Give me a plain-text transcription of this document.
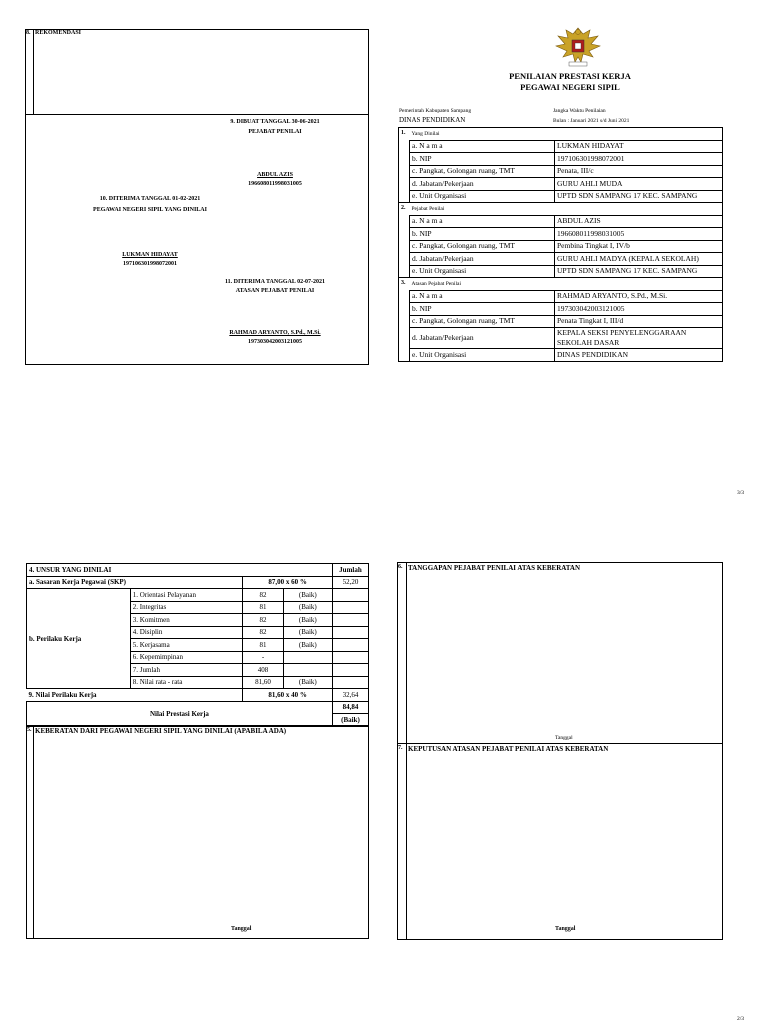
8. REKOMENDASI
9. DIBUAT TANGGAL 30-06-2021
PEJABAT PENILAI
ABDUL AZIS
196608011998031005
10. DITERIMA TANGGAL 01-02-2021
PEGAWAI NEGERI SIPIL YANG DINILAI
LUKMAN HIDAYAT
197106301998072001
11. DITERIMA TANGGAL 02-07-2021
ATASAN PEJABAT PENILAI
RAHMAD ARYANTO, S.Pd., M.Si.
197303042003121005
PENILAIAN PRESTASI KERJA
PEGAWAI NEGERI SIPIL
Pemerintah Kabupaten Sampang
DINAS PENDIDIKAN
Jangka Waktu Penilaian
Bulan : Januari 2021 s/d Juni 2021
1.	Yang Dinilai	
	a. N a m a	LUKMAN HIDAYAT
	b. NIP	197106301998072001
	c. Pangkat, Golongan ruang, TMT	Penata, III/c
	d. Jabatan/Pekerjaan	GURU AHLI MUDA
	e. Unit Organisasi	UPTD SDN SAMPANG 17 KEC. SAMPANG
2.	Pejabat Penilai	
	a. N a m a	ABDUL AZIS
	b. NIP	196608011998031005
	c. Pangkat, Golongan ruang, TMT	Pembina Tingkat I, IV/b
	d. Jabatan/Pekerjaan	GURU AHLI MADYA (KEPALA SEKOLAH)
	e. Unit Organisasi	UPTD SDN SAMPANG 17 KEC. SAMPANG
3.	Atasan Pejabat Penilai	
	a. N a m a	RAHMAD ARYANTO, S.Pd., M.Si.
	b. NIP	197303042003121005
	c. Pangkat, Golongan ruang, TMT	Penata Tingkat I, III/d
	d. Jabatan/Pekerjaan	KEPALA SEKSI PENYELENGGARAAN SEKOLAH DASAR
	e. Unit Organisasi	DINAS PENDIDIKAN
3/3
4. UNSUR YANG DINILAI				Jumlah
a. Sasaran Kerja Pegawai (SKP)		87,00 x 60 %		52,20
b. Perilaku Kerja	1. Orientasi Pelayanan	82	(Baik)	
	2. Integritas	81	(Baik)	
	3. Komitmen	82	(Baik)	
	4. Disiplin	82	(Baik)	
	5. Kerjasama	81	(Baik)	
	6. Kepemimpinan	-		
	7. Jumlah	408		
	8. Nilai rata - rata	81,60	(Baik)	
9. Nilai Perilaku Kerja		81,60 x 40 %		32,64
Nilai Prestasi Kerja				84,84
				(Baik)
5. KEBERATAN DARI PEGAWAI NEGERI SIPIL YANG DINILAI (APABILA ADA)
Tanggal
6. TANGGAPAN PEJABAT PENILAI ATAS KEBERATAN
Tanggal
7. KEPUTUSAN ATASAN PEJABAT PENILAI ATAS KEBERATAN
Tanggal
2/3
